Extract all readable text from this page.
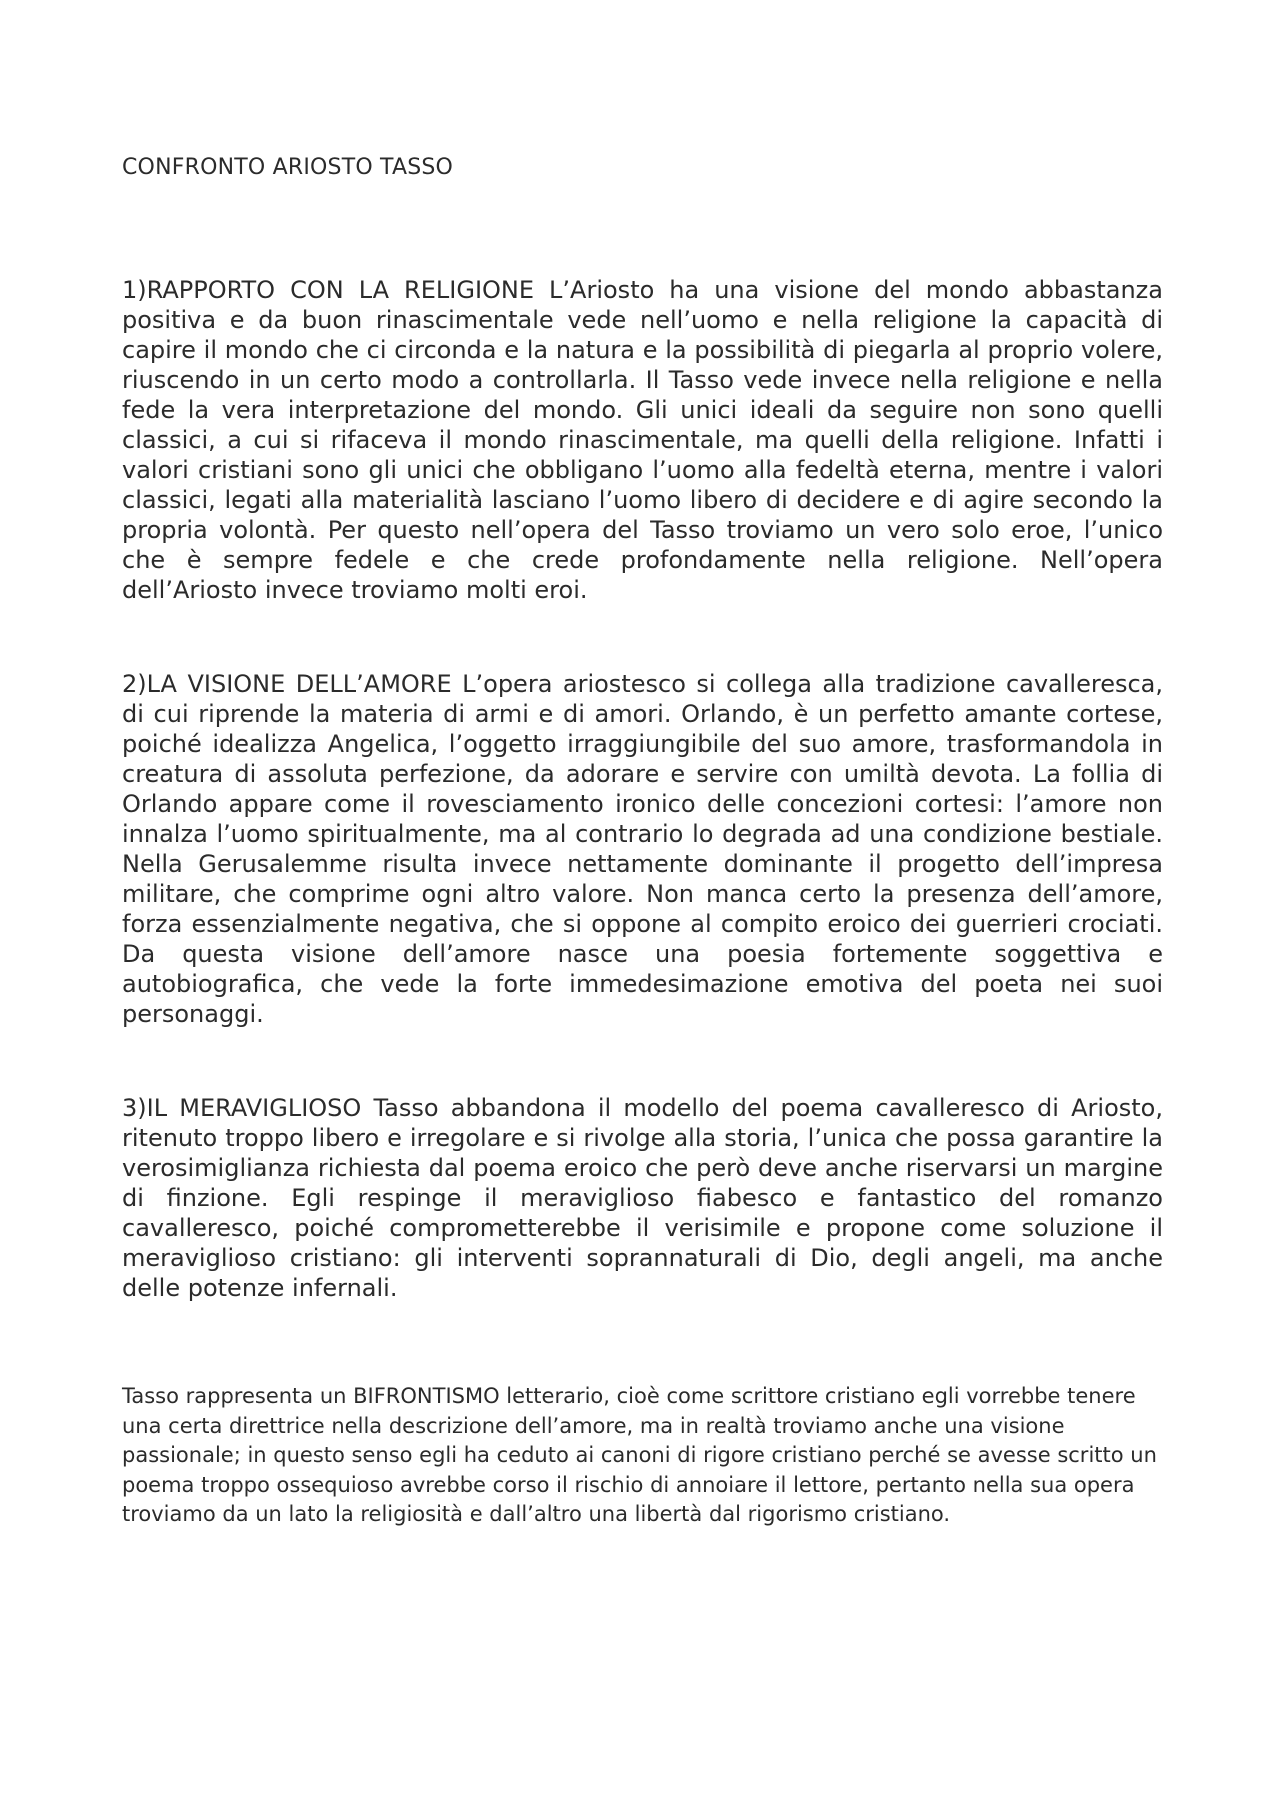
CONFRONTO ARIOSTO TASSO

1)RAPPORTO CON LA RELIGIONE L’Ariosto ha una visione del mondo abbastanza positiva e da buon rinascimentale vede nell’uomo e nella religione la capacità di capire il mondo che ci circonda e la natura e la possibilità di piegarla al proprio volere, riuscendo in un certo modo a controllarla. Il Tasso vede invece nella religione e nella fede la vera interpretazione del mondo. Gli unici ideali da seguire non sono quelli classici, a cui si rifaceva il mondo rinascimentale, ma quelli della religione. Infatti i valori cristiani sono gli unici che obbligano l’uomo alla fedeltà eterna, mentre i valori classici, legati alla materialità lasciano l’uomo libero di decidere e di agire secondo la propria volontà. Per questo nell’opera del Tasso troviamo un vero solo eroe, l’unico che è sempre fedele e che crede profondamente nella religione. Nell’opera dell’Ariosto invece troviamo molti eroi.

2)LA VISIONE DELL’AMORE L’opera ariostesco si collega alla tradizione cavalleresca, di cui riprende la materia di armi e di amori. Orlando, è un perfetto amante cortese, poiché idealizza Angelica, l’oggetto irraggiungibile del suo amore, trasformandola in creatura di assoluta perfezione, da adorare e servire con umiltà devota. La follia di Orlando appare come il rovesciamento ironico delle concezioni cortesi: l’amore non innalza l’uomo spiritualmente, ma al contrario lo degrada ad una condizione bestiale. Nella Gerusalemme risulta invece nettamente dominante il progetto dell’impresa militare, che comprime ogni altro valore. Non manca certo la presenza dell’amore, forza essenzialmente negativa, che si oppone al compito eroico dei guerrieri crociati. Da questa visione dell’amore nasce una poesia fortemente soggettiva e autobiografica, che vede la forte immedesimazione emotiva del poeta nei suoi personaggi.

3)IL MERAVIGLIOSO Tasso abbandona il modello del poema cavalleresco di Ariosto, ritenuto troppo libero e irregolare e si rivolge alla storia, l’unica che possa garantire la verosimiglianza richiesta dal poema eroico che però deve anche riservarsi un margine di finzione. Egli respinge il meraviglioso fiabesco e fantastico del romanzo cavalleresco, poiché comprometterebbe il verisimile e propone come soluzione il meraviglioso cristiano: gli interventi soprannaturali di Dio, degli angeli, ma anche delle potenze infernali.

Tasso rappresenta un BIFRONTISMO letterario, cioè come scrittore cristiano egli vorrebbe tenere una certa direttrice nella descrizione dell’amore, ma in realtà troviamo anche una visione passionale; in questo senso egli ha ceduto ai canoni di rigore cristiano perché se avesse scritto un poema troppo ossequioso avrebbe corso il rischio di annoiare il lettore, pertanto nella sua opera troviamo da un lato la religiosità e dall’altro una libertà dal rigorismo cristiano.
